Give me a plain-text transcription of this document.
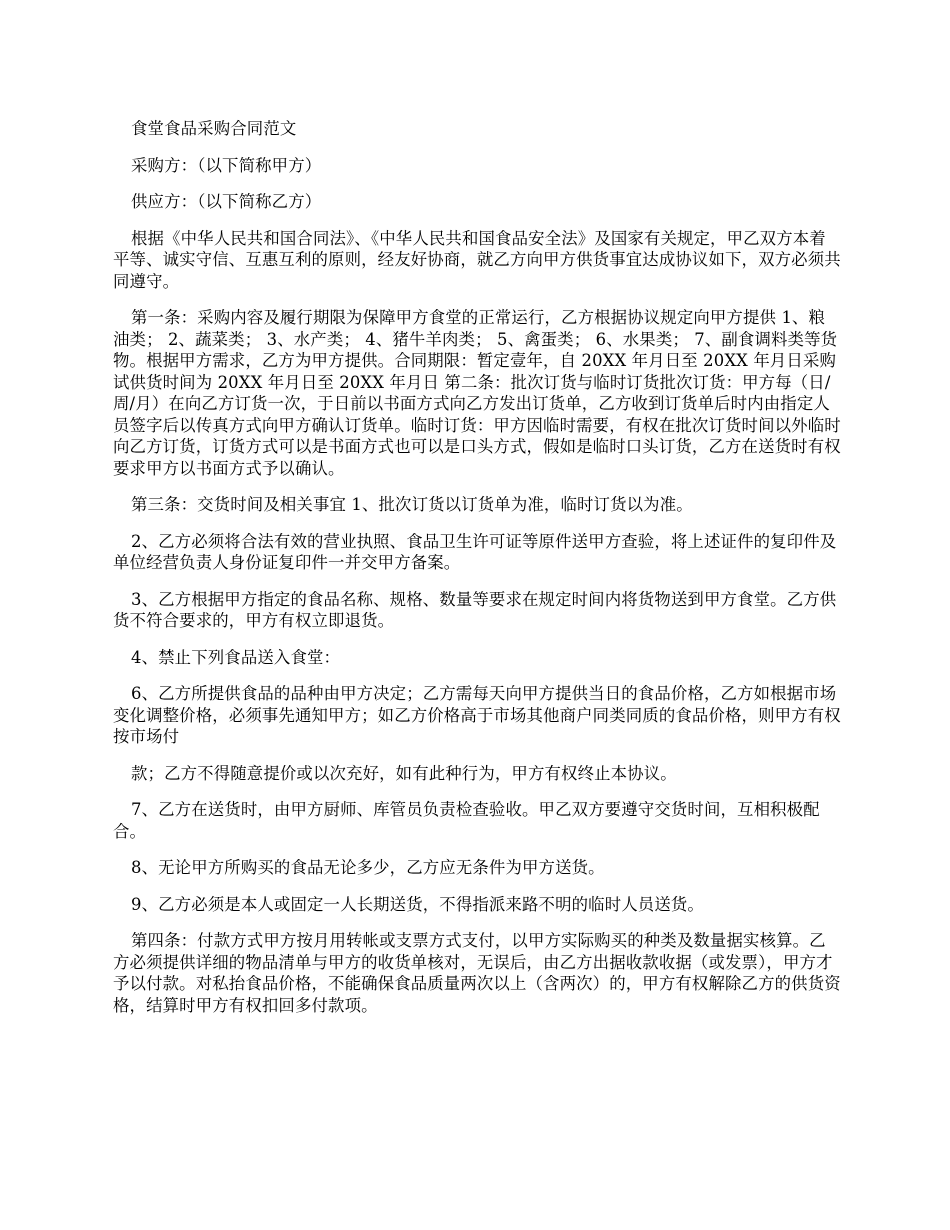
食堂食品采购合同范文

采购方：（以下简称甲方）

供应方：（以下简称乙方）

根据《中华人民共和国合同法》、《中华人民共和国食品安全法》及国家有关规定，甲乙双方本着平等、诚实守信、互惠互利的原则，经友好协商，就乙方向甲方供货事宜达成协议如下，双方必须共同遵守。

第一条：采购内容及履行期限为保障甲方食堂的正常运行，乙方根据协议规定向甲方提供 1、粮油类； 2、蔬菜类； 3、水产类； 4、猪牛羊肉类； 5、禽蛋类； 6、水果类； 7、副食调料类等货物。根据甲方需求，乙方为甲方提供。合同期限：暂定壹年，自 20XX 年月日至 20XX 年月日采购试供货时间为 20XX 年月日至 20XX 年月日 第二条：批次订货与临时订货批次订货：甲方每（日/周/月）在向乙方订货一次，于日前以书面方式向乙方发出订货单，乙方收到订货单后时内由指定人员签字后以传真方式向甲方确认订货单。临时订货：甲方因临时需要，有权在批次订货时间以外临时向乙方订货，订货方式可以是书面方式也可以是口头方式，假如是临时口头订货，乙方在送货时有权要求甲方以书面方式予以确认。

第三条：交货时间及相关事宜 1、批次订货以订货单为准，临时订货以为准。

2、乙方必须将合法有效的营业执照、食品卫生许可证等原件送甲方查验，将上述证件的复印件及单位经营负责人身份证复印件一并交甲方备案。

3、乙方根据甲方指定的食品名称、规格、数量等要求在规定时间内将货物送到甲方食堂。乙方供货不符合要求的，甲方有权立即退货。

4、禁止下列食品送入食堂：

6、乙方所提供食品的品种由甲方决定；乙方需每天向甲方提供当日的食品价格，乙方如根据市场变化调整价格，必须事先通知甲方；如乙方价格高于市场其他商户同类同质的食品价格，则甲方有权按市场付

款；乙方不得随意提价或以次充好，如有此种行为，甲方有权终止本协议。

7、乙方在送货时，由甲方厨师、库管员负责检查验收。甲乙双方要遵守交货时间，互相积极配合。

8、无论甲方所购买的食品无论多少，乙方应无条件为甲方送货。

9、乙方必须是本人或固定一人长期送货，不得指派来路不明的临时人员送货。

第四条：付款方式甲方按月用转帐或支票方式支付，以甲方实际购买的种类及数量据实核算。乙方必须提供详细的物品清单与甲方的收货单核对，无误后，由乙方出据收款收据（或发票），甲方才予以付款。对私抬食品价格，不能确保食品质量两次以上（含两次）的，甲方有权解除乙方的供货资格，结算时甲方有权扣回多付款项。
